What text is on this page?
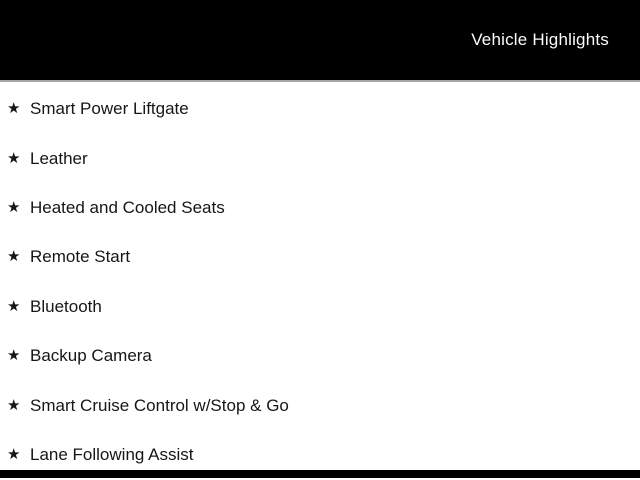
Vehicle Highlights
★ Smart Power Liftgate
★ Leather
★ Heated and Cooled Seats
★ Remote Start
★ Bluetooth
★ Backup Camera
★ Smart Cruise Control w/Stop & Go
★ Lane Following Assist
